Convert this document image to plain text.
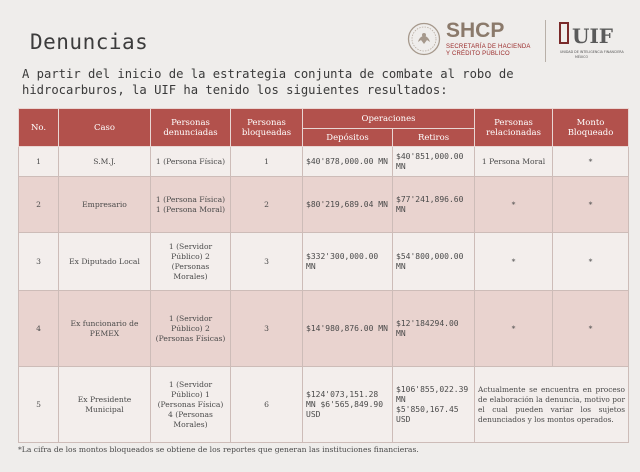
Denuncias	SHCP
SECRETARÍA DE HACIENDA
Y CRÉDITO PÚBLICO
UIF
UNIDAD DE INTELIGENCIA FINANCIERA
MÉXICO
A partir del inicio de la estrategia conjunta de combate al robo de hidrocarburos, la UIF ha tenido los siguientes resultados:
No.	Caso	Personas denunciadas	Personas bloqueadas	Operaciones		Personas relacionadas	Monto Bloqueado
				Depósitos	Retiros		
1	S.M.J.	1 (Persona Física)	1	$40'878,000.00 MN	$40'851,000.00 MN	1 Persona Moral	*
2	Empresario	1 (Persona Física) 1 (Persona Moral)	2	$80'219,689.04 MN	$77'241,896.60 MN	*	*
3	Ex Diputado Local	1 (Servidor Público) 2 (Personas Morales)	3	$332'300,000.00 MN	$54'800,000.00 MN	*	*
4	Ex funcionario de PEMEX	1 (Servidor Público) 2 (Personas Físicas)	3	$14'980,876.00 MN	$12'184294.00 MN	*	*
5	Ex Presidente Municipal	1 (Servidor Público) 1 (Personas Física) 4 (Personas Morales)	6	$124'073,151.28 MN $6'565,849.90 USD	$106'855,022.39 MN $5'850,167.45 USD	Actualmente se encuentra en proceso de elaboración la denuncia, motivo por el cual pueden variar los sujetos denunciados y los montos operados.	
*La cifra de los montos bloqueados se obtiene de los reportes que generan las instituciones financieras.
